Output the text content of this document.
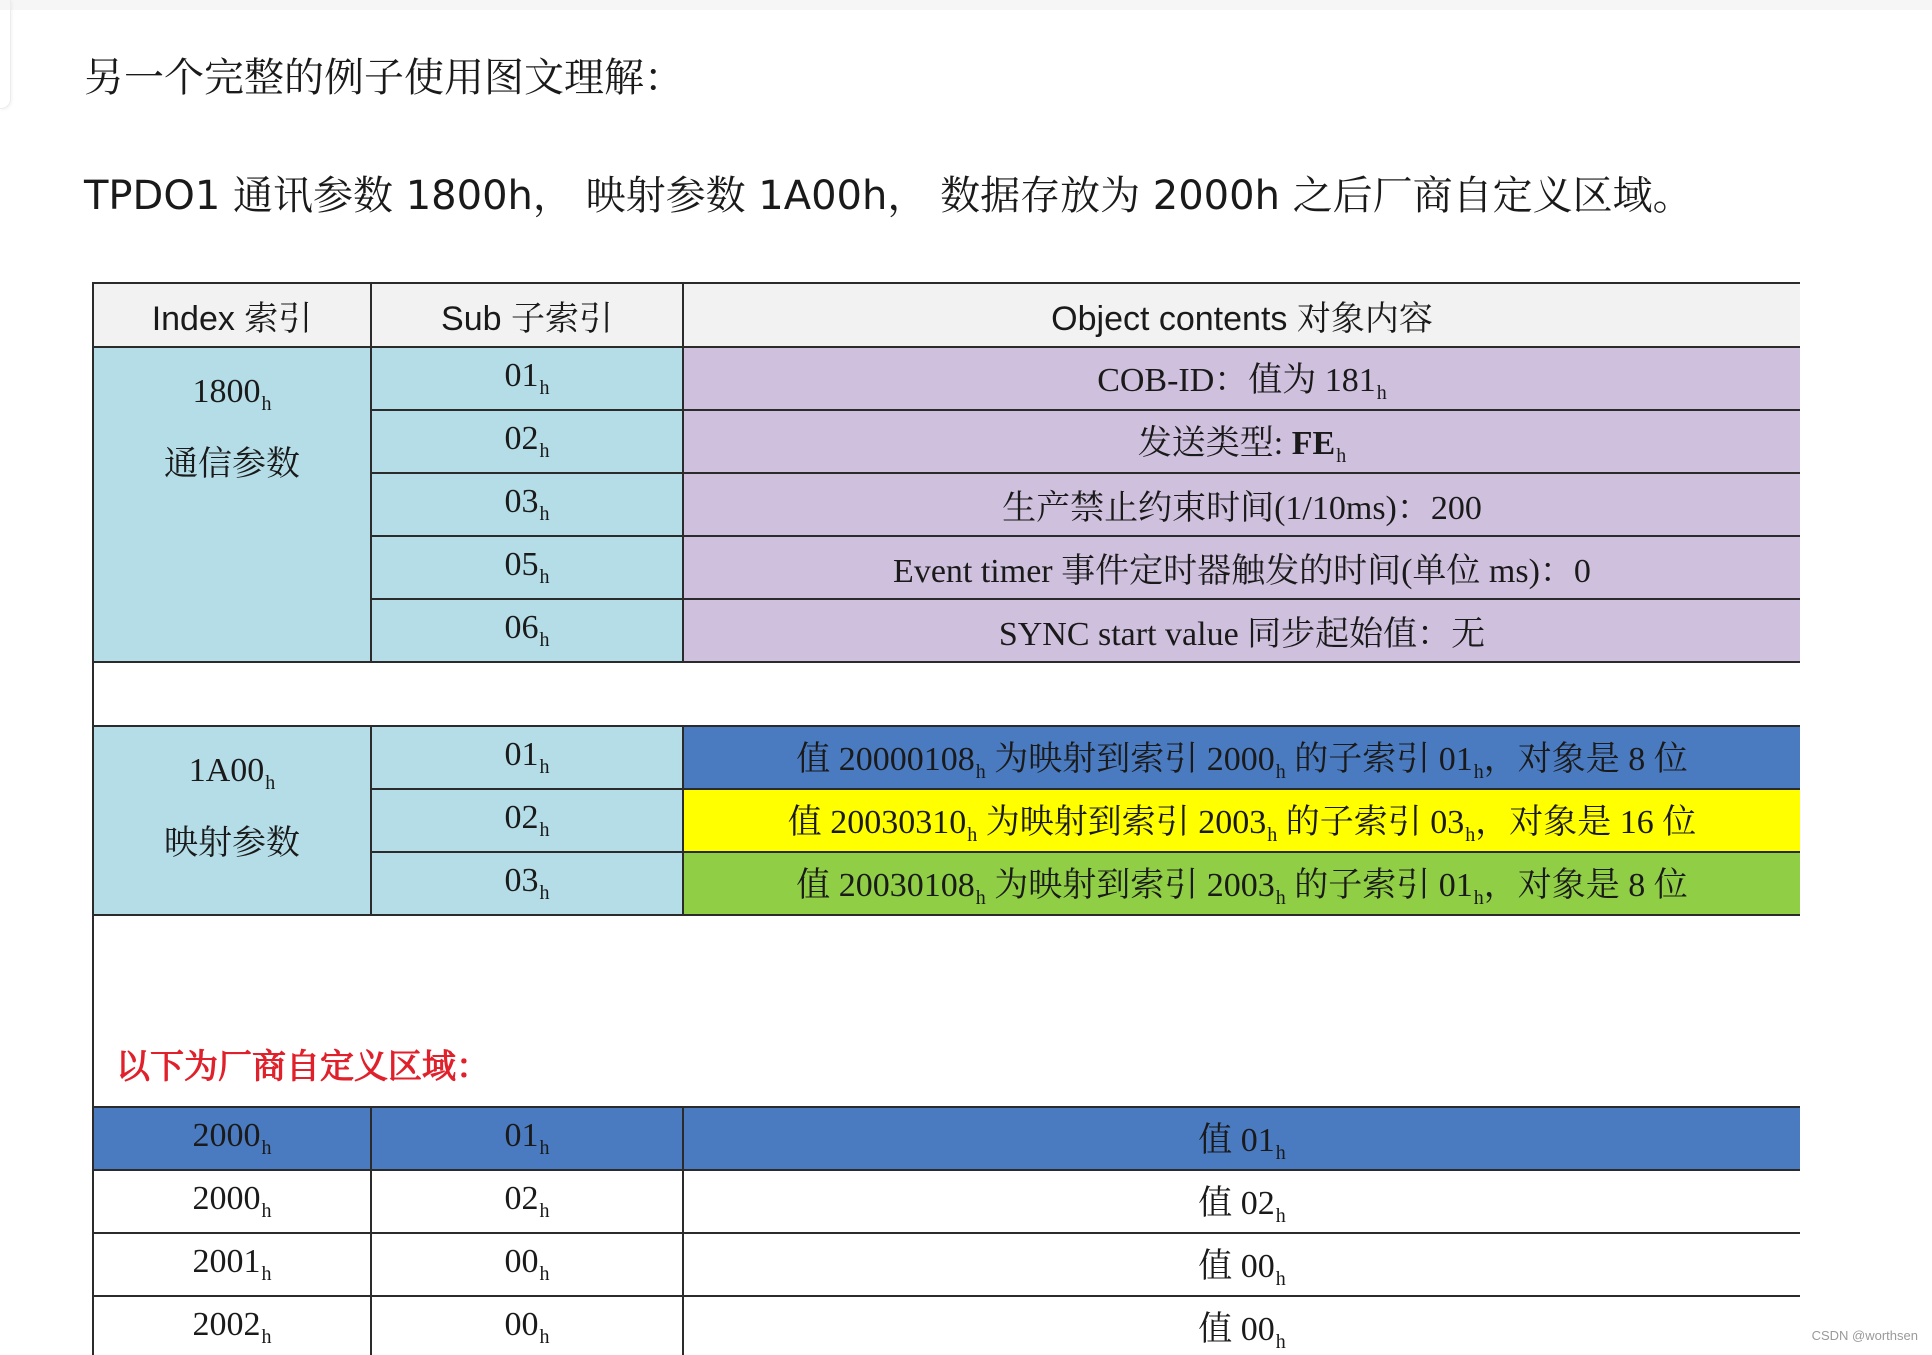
另一个完整的例子使用图文理解：
TPDO1 通讯参数 1800h， 映射参数 1A00h， 数据存放为 2000h 之后厂商自定义区域。
Index 索引	Sub 子索引	Object contents 对象内容

$1800_h$
通信参数	$01_h$	COB-ID：值为 $181_h$
	$02_h$	发送类型: $FE_h$
	$03_h$	生产禁止约束时间(1/10ms)：200
	$05_h$	Event timer 事件定时器触发的时间(单位 ms)：0
	$06_h$	SYNC start value 同步起始值：无

$1A00_h$
映射参数	$01_h$	值 $20000108_h$ 为映射到索引 $2000_h$ 的子索引 $01_h$，对象是 8 位
	$02_h$	值 $20030310_h$ 为映射到索引 $2003_h$ 的子索引 $03_h$，对象是 16 位
	$03_h$	值 $20030108_h$ 为映射到索引 $2003_h$ 的子索引 $01_h$，对象是 8 位

以下为厂商自定义区域：		

$2000_h$	$01_h$	值 $01_h$
$2000_h$	$02_h$	值 $02_h$
$2001_h$	$00_h$	值 $00_h$
$2002_h$	$00_h$	值 $00_h$	CSDN @worthsen
